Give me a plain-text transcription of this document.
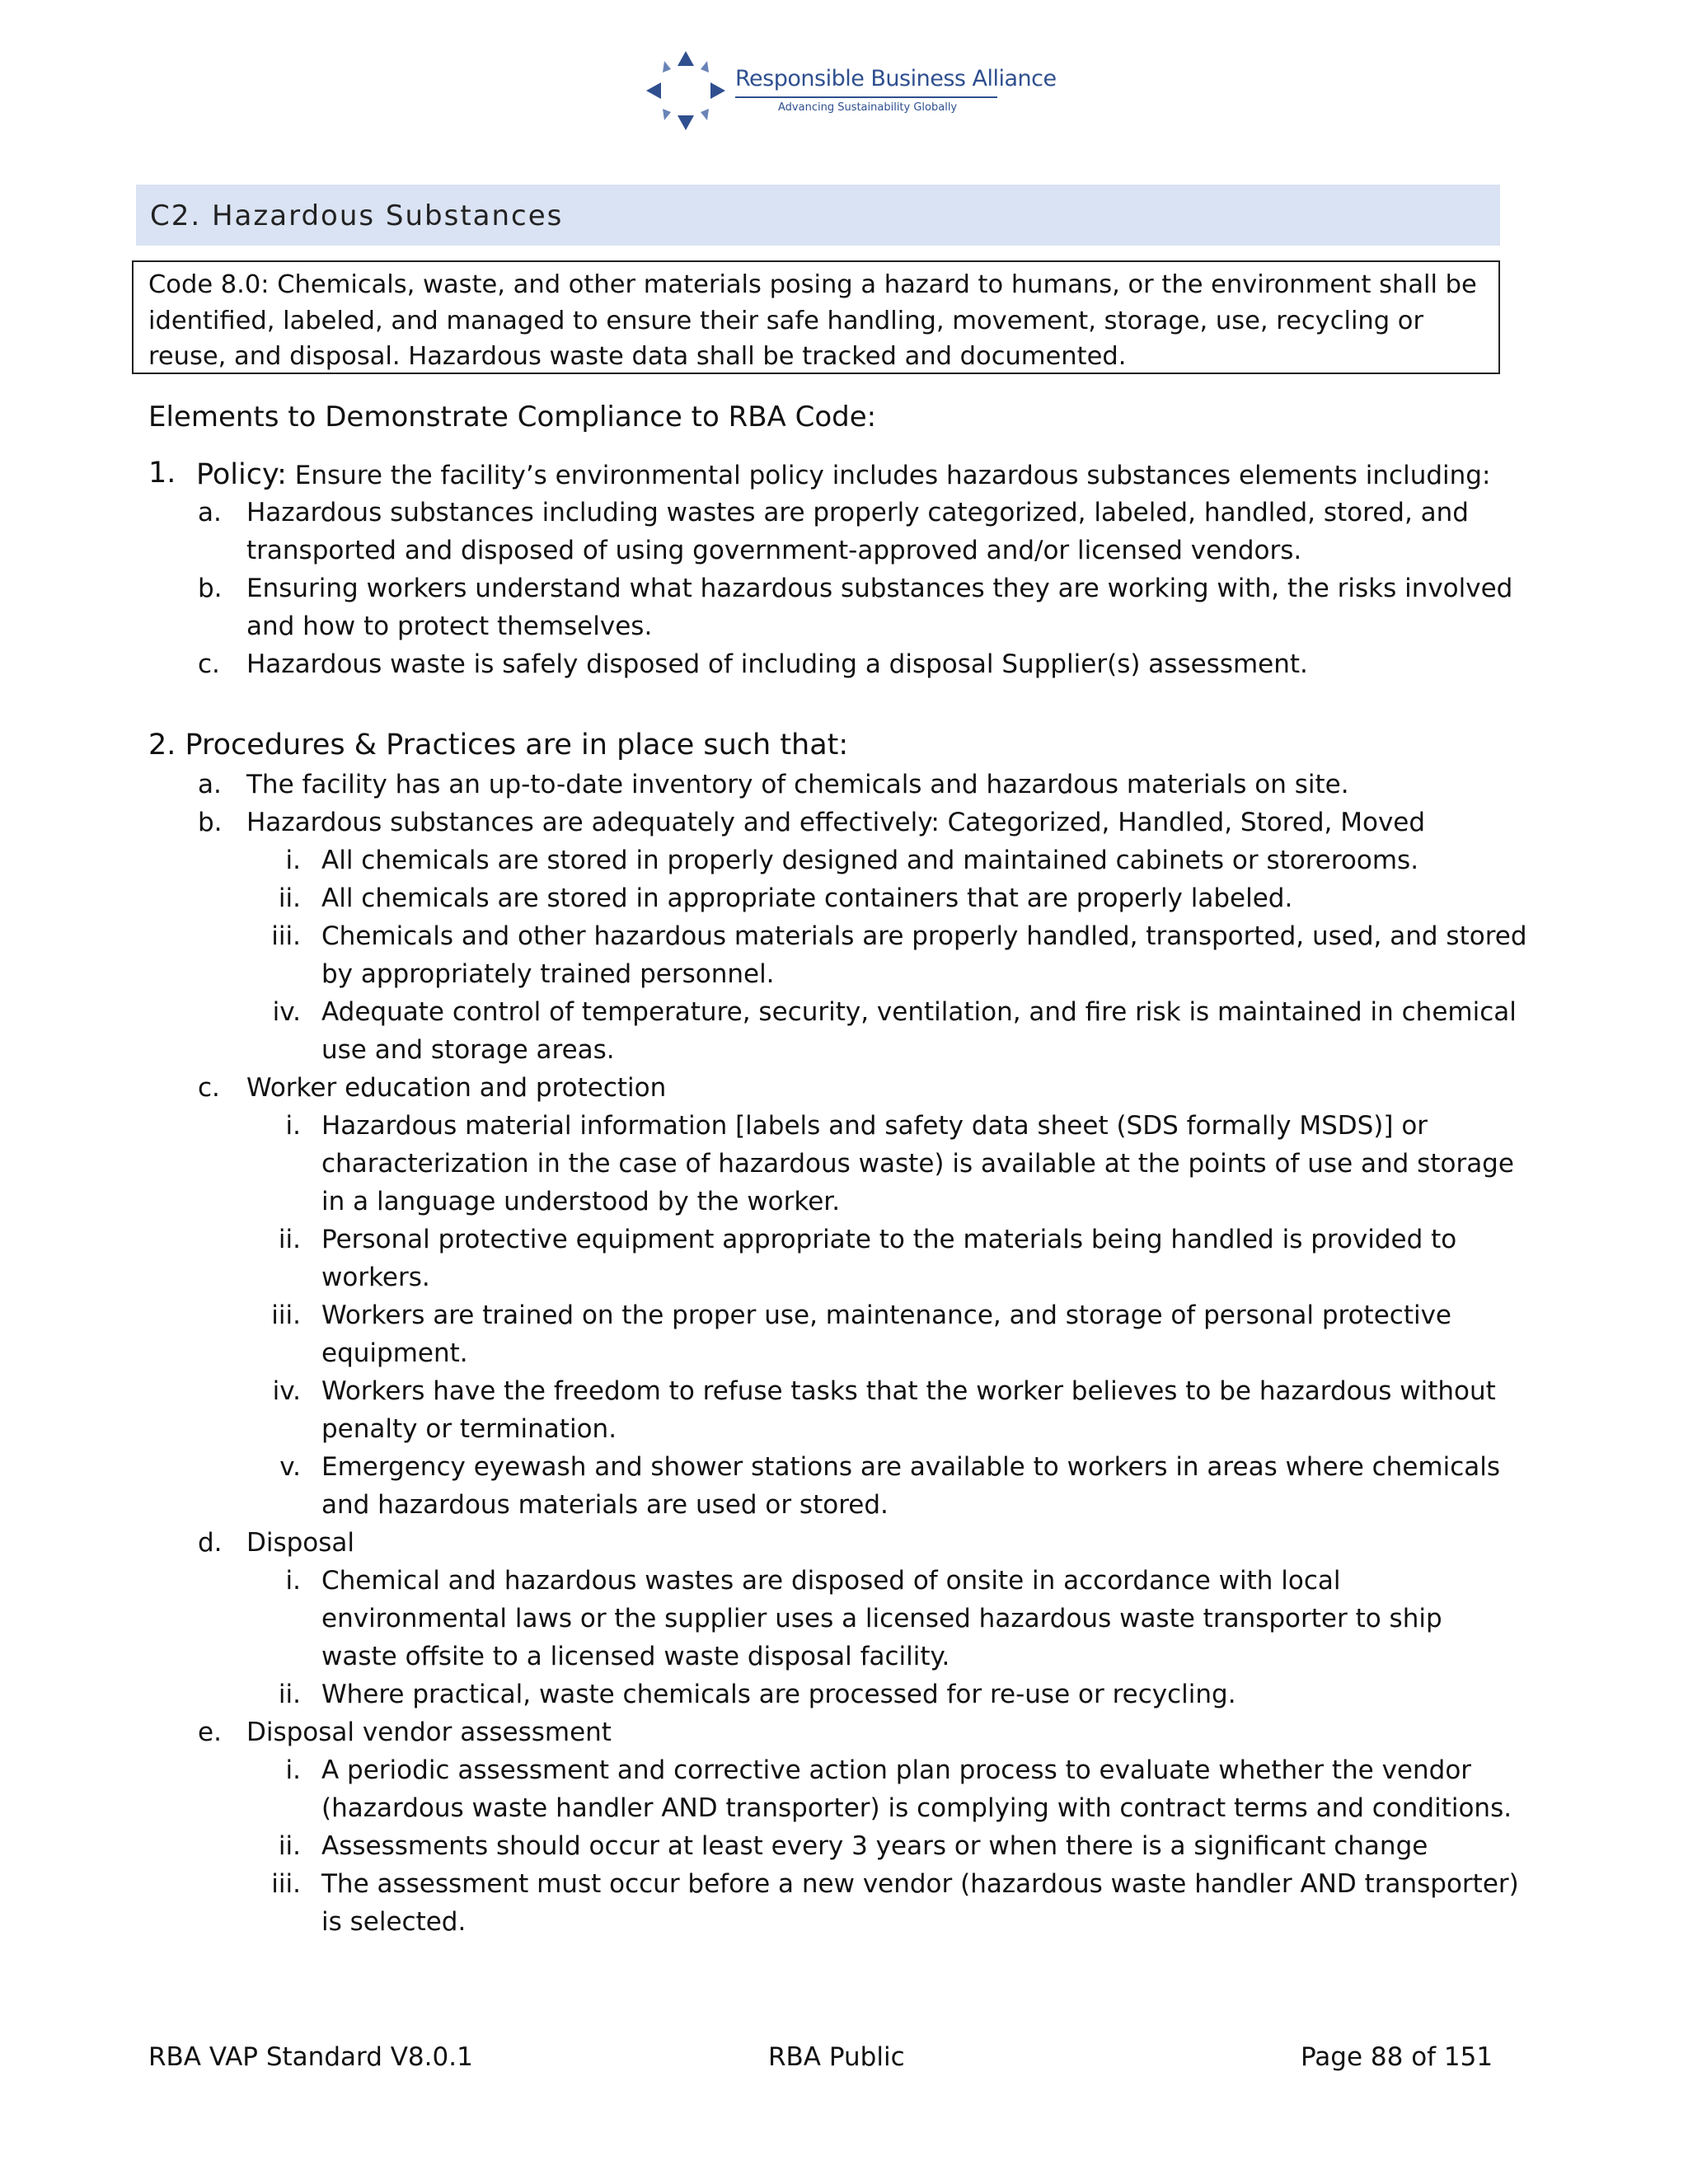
Responsible Business Alliance
Advancing Sustainability Globally
C2. Hazardous Substances
Code 8.0: Chemicals, waste, and other materials posing a hazard to humans, or the environment shall be identified, labeled, and managed to ensure their safe handling, movement, storage, use, recycling or reuse, and disposal. Hazardous waste data shall be tracked and documented.
Elements to Demonstrate Compliance to RBA Code:
1. Policy: Ensure the facility’s environmental policy includes hazardous substances elements including:
a. Hazardous substances including wastes are properly categorized, labeled, handled, stored, and
transported and disposed of using government-approved and/or licensed vendors.
b. Ensuring workers understand what hazardous substances they are working with, the risks involved
and how to protect themselves.
c. Hazardous waste is safely disposed of including a disposal Supplier(s) assessment.
2. Procedures & Practices are in place such that:
a. The facility has an up-to-date inventory of chemicals and hazardous materials on site.
b. Hazardous substances are adequately and effectively: Categorized, Handled, Stored, Moved
i. All chemicals are stored in properly designed and maintained cabinets or storerooms.
ii. All chemicals are stored in appropriate containers that are properly labeled.
iii. Chemicals and other hazardous materials are properly handled, transported, used, and stored
by appropriately trained personnel.
iv. Adequate control of temperature, security, ventilation, and fire risk is maintained in chemical
use and storage areas.
c. Worker education and protection
i. Hazardous material information [labels and safety data sheet (SDS formally MSDS)] or
characterization in the case of hazardous waste) is available at the points of use and storage
in a language understood by the worker.
ii. Personal protective equipment appropriate to the materials being handled is provided to
workers.
iii. Workers are trained on the proper use, maintenance, and storage of personal protective
equipment.
iv. Workers have the freedom to refuse tasks that the worker believes to be hazardous without
penalty or termination.
v. Emergency eyewash and shower stations are available to workers in areas where chemicals
and hazardous materials are used or stored.
d. Disposal
i. Chemical and hazardous wastes are disposed of onsite in accordance with local
environmental laws or the supplier uses a licensed hazardous waste transporter to ship
waste offsite to a licensed waste disposal facility.
ii. Where practical, waste chemicals are processed for re-use or recycling.
e. Disposal vendor assessment
i. A periodic assessment and corrective action plan process to evaluate whether the vendor
(hazardous waste handler AND transporter) is complying with contract terms and conditions.
ii. Assessments should occur at least every 3 years or when there is a significant change
iii. The assessment must occur before a new vendor (hazardous waste handler AND transporter)
is selected.
RBA VAP Standard V8.0.1	RBA Public	Page 88 of 151
